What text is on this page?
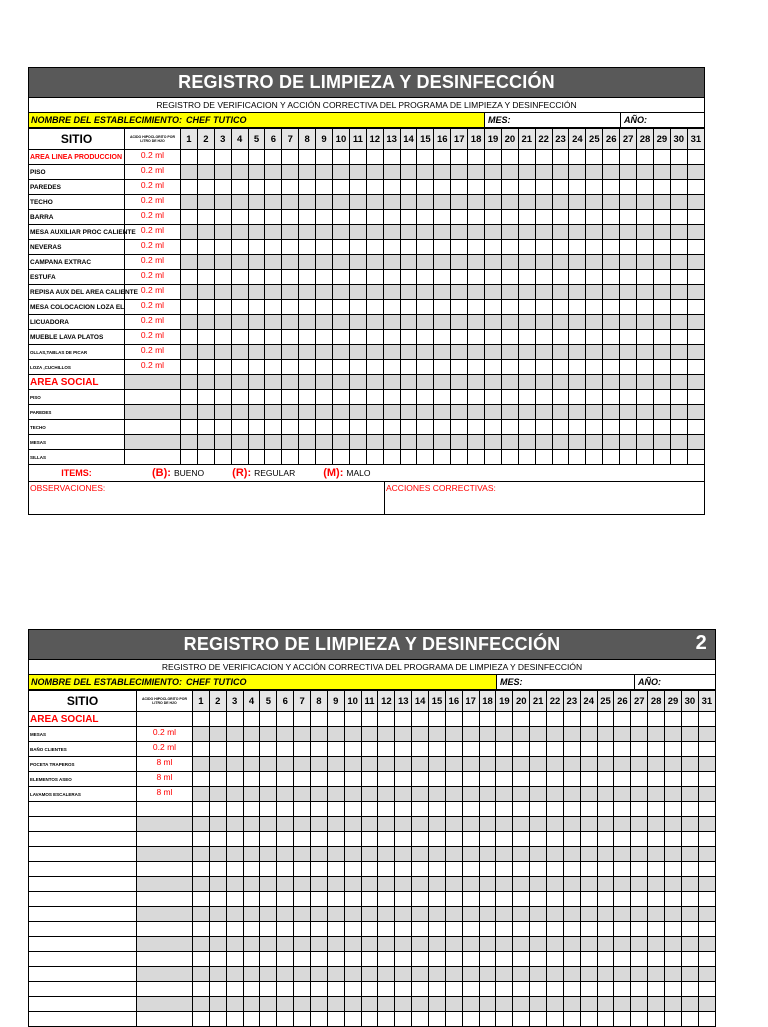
REGISTRO DE LIMPIEZA Y DESINFECCIÓN
REGISTRO DE VERIFICACION Y ACCIÓN CORRECTIVA DEL PROGRAMA DE LIMPIEZA Y DESINFECCIÓN
NOMBRE DEL ESTABLECIMIENTO: CHEF TUTICO	MES:	AÑO:
SITIO	ACIDO HIPOCLORITO POR LITRO DE H2O	1	2	3	4	5	6	7	8	9	10	11	12	13	14	15	16	17	18	19	20	21	22	23	24	25	26	27	28	29	30	31
AREA LINEA PRODUCCION	0.2 ml																															
PISO	0.2 ml																															
PAREDES	0.2 ml																															
TECHO	0.2 ml																															
BARRA	0.2 ml																															
MESA AUXILIAR PROC CALIENTE	0.2 ml																															
NEVERAS	0.2 ml																															
CAMPANA EXTRAC	0.2 ml																															
ESTUFA	0.2 ml																															
REPISA AUX DEL AREA CALIENTE	0.2 ml																															
MESA COLOCACION LOZA EL	0.2 ml																															
LICUADORA	0.2 ml																															
MUEBLE LAVA PLATOS	0.2 ml																															
OLLAS,TABLAS DE PICAR	0.2 ml																															
LOZA ,CUCHILLOS	0.2 ml																															
AREA SOCIAL																																
PISO																																
PAREDES																																
TECHO																																
MESAS																																
SILLAS																																
ITEMS:	(B): BUENO	(R): REGULAR	(M): MALO
OBSERVACIONES:	ACCIONES CORRECTIVAS:
REGISTRO DE LIMPIEZA Y DESINFECCIÓN	2
REGISTRO DE VERIFICACION Y ACCIÓN CORRECTIVA DEL PROGRAMA DE LIMPIEZA Y DESINFECCIÓN
NOMBRE DEL ESTABLECIMIENTO: CHEF TUTICO	MES:	AÑO:
SITIO	ACIDO HIPOCLORITO POR LITRO DE H2O	1	2	3	4	5	6	7	8	9	10	11	12	13	14	15	16	17	18	19	20	21	22	23	24	25	26	27	28	29	30	31
AREA SOCIAL																																
MESAS	0.2 ml																															
BAÑO CLIENTES	0.2 ml																															
POCETA TRAPEROS	8 ml																															
ELEMENTOS ASEO	8 ml																															
LAVAMOS ESCALERAS	8 ml																															
